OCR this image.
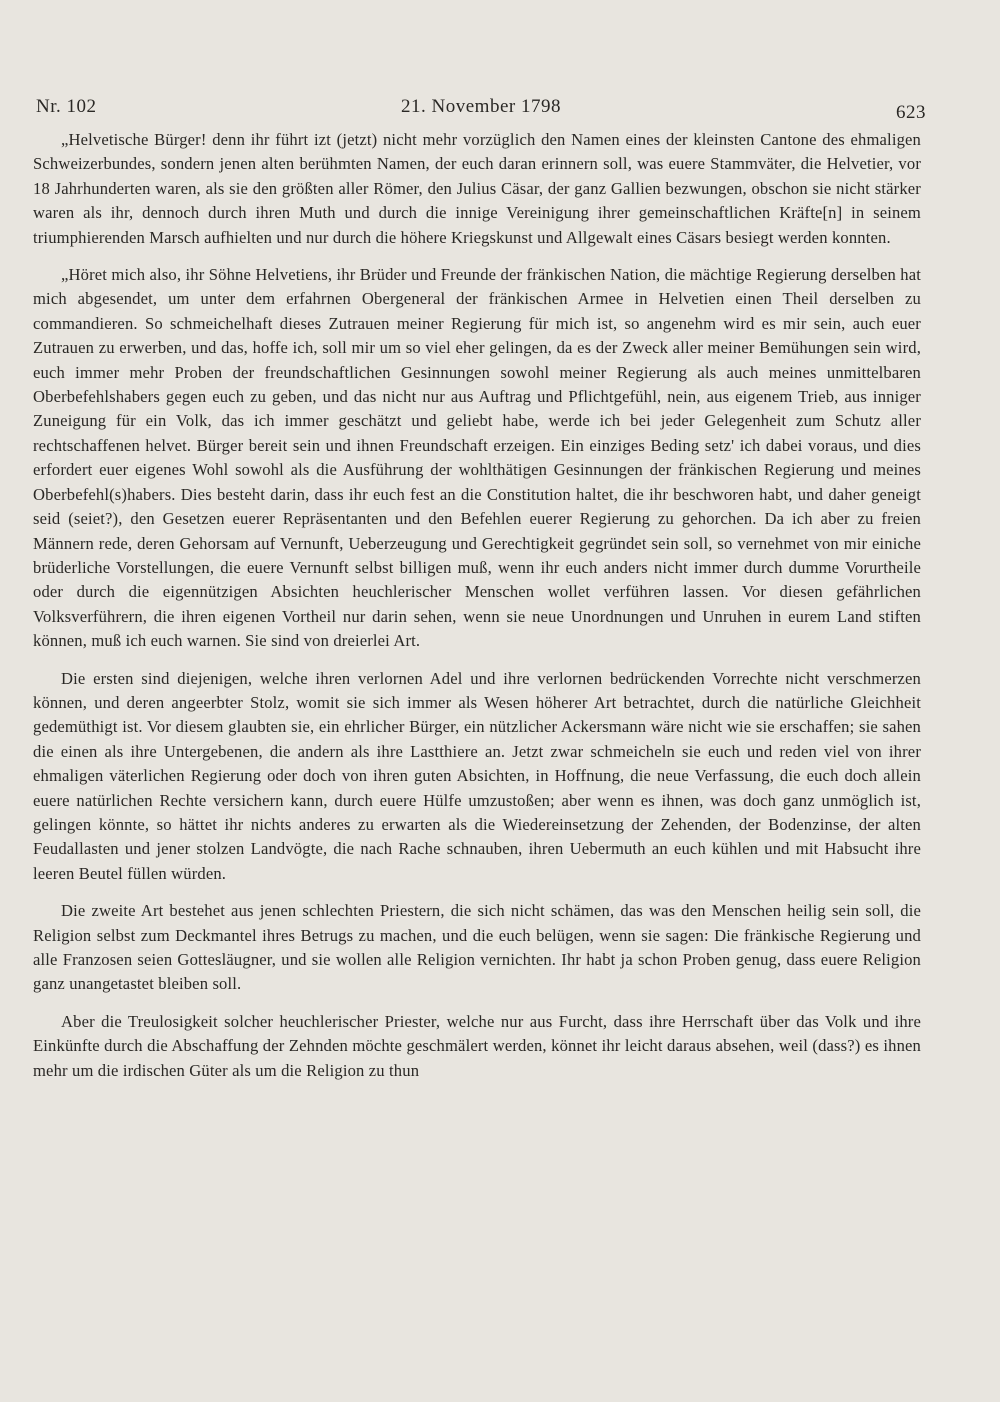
Nr. 102	21. November 1798	623

„Helvetische Bürger! denn ihr führt izt (jetzt) nicht mehr vorzüglich den Namen eines der kleinsten Cantone des ehmaligen Schweizerbundes, sondern jenen alten berühmten Namen, der euch daran erinnern soll, was euere Stammväter, die Helvetier, vor 18 Jahrhunderten waren, als sie den größten aller Römer, den Julius Cäsar, der ganz Gallien bezwungen, obschon sie nicht stärker waren als ihr, dennoch durch ihren Muth und durch die innige Vereinigung ihrer gemeinschaftlichen Kräfte[n] in seinem triumphierenden Marsch aufhielten und nur durch die höhere Kriegskunst und Allgewalt eines Cäsars besiegt werden konnten.

„Höret mich also, ihr Söhne Helvetiens, ihr Brüder und Freunde der fränkischen Nation, die mächtige Regierung derselben hat mich abgesendet, um unter dem erfahrnen Obergeneral der fränkischen Armee in Helvetien einen Theil derselben zu commandieren. So schmeichelhaft dieses Zutrauen meiner Regierung für mich ist, so angenehm wird es mir sein, auch euer Zutrauen zu erwerben, und das, hoffe ich, soll mir um so viel eher gelingen, da es der Zweck aller meiner Bemühungen sein wird, euch immer mehr Proben der freundschaftlichen Gesinnungen sowohl meiner Regierung als auch meines unmittelbaren Oberbefehlshabers gegen euch zu geben, und das nicht nur aus Auftrag und Pflichtgefühl, nein, aus eigenem Trieb, aus inniger Zuneigung für ein Volk, das ich immer geschätzt und geliebt habe, werde ich bei jeder Gelegenheit zum Schutz aller rechtschaffenen helvet. Bürger bereit sein und ihnen Freundschaft erzeigen. Ein einziges Beding setz' ich dabei voraus, und dies erfordert euer eigenes Wohl sowohl als die Ausführung der wohlthätigen Gesinnungen der fränkischen Regierung und meines Oberbefehl(s)habers. Dies besteht darin, dass ihr euch fest an die Constitution haltet, die ihr beschworen habt, und daher geneigt seid (seiet?), den Gesetzen euerer Repräsentanten und den Befehlen euerer Regierung zu gehorchen. Da ich aber zu freien Männern rede, deren Gehorsam auf Vernunft, Ueberzeugung und Gerechtigkeit gegründet sein soll, so vernehmet von mir einiche brüderliche Vorstellungen, die euere Vernunft selbst billigen muß, wenn ihr euch anders nicht immer durch dumme Vorurtheile oder durch die eigennützigen Absichten heuchlerischer Menschen wollet verführen lassen. Vor diesen gefährlichen Volksverführern, die ihren eigenen Vortheil nur darin sehen, wenn sie neue Unordnungen und Unruhen in eurem Land stiften können, muß ich euch warnen. Sie sind von dreierlei Art.

Die ersten sind diejenigen, welche ihren verlornen Adel und ihre verlornen bedrückenden Vorrechte nicht verschmerzen können, und deren angeerbter Stolz, womit sie sich immer als Wesen höherer Art betrachtet, durch die natürliche Gleichheit gedemüthigt ist. Vor diesem glaubten sie, ein ehrlicher Bürger, ein nützlicher Ackersmann wäre nicht wie sie erschaffen; sie sahen die einen als ihre Untergebenen, die andern als ihre Lastthiere an. Jetzt zwar schmeicheln sie euch und reden viel von ihrer ehmaligen väterlichen Regierung oder doch von ihren guten Absichten, in Hoffnung, die neue Verfassung, die euch doch allein euere natürlichen Rechte versichern kann, durch euere Hülfe umzustoßen; aber wenn es ihnen, was doch ganz unmöglich ist, gelingen könnte, so hättet ihr nichts anderes zu erwarten als die Wiedereinsetzung der Zehenden, der Bodenzinse, der alten Feudallasten und jener stolzen Landvögte, die nach Rache schnauben, ihren Uebermuth an euch kühlen und mit Habsucht ihre leeren Beutel füllen würden.

Die zweite Art bestehet aus jenen schlechten Priestern, die sich nicht schämen, das was den Menschen heilig sein soll, die Religion selbst zum Deckmantel ihres Betrugs zu machen, und die euch belügen, wenn sie sagen: Die fränkische Regierung und alle Franzosen seien Gottesläugner, und sie wollen alle Religion vernichten. Ihr habt ja schon Proben genug, dass euere Religion ganz unangetastet bleiben soll.

Aber die Treulosigkeit solcher heuchlerischer Priester, welche nur aus Furcht, dass ihre Herrschaft über das Volk und ihre Einkünfte durch die Abschaffung der Zehnden möchte geschmälert werden, könnet ihr leicht daraus absehen, weil (dass?) es ihnen mehr um die irdischen Güter als um die Religion zu thun
